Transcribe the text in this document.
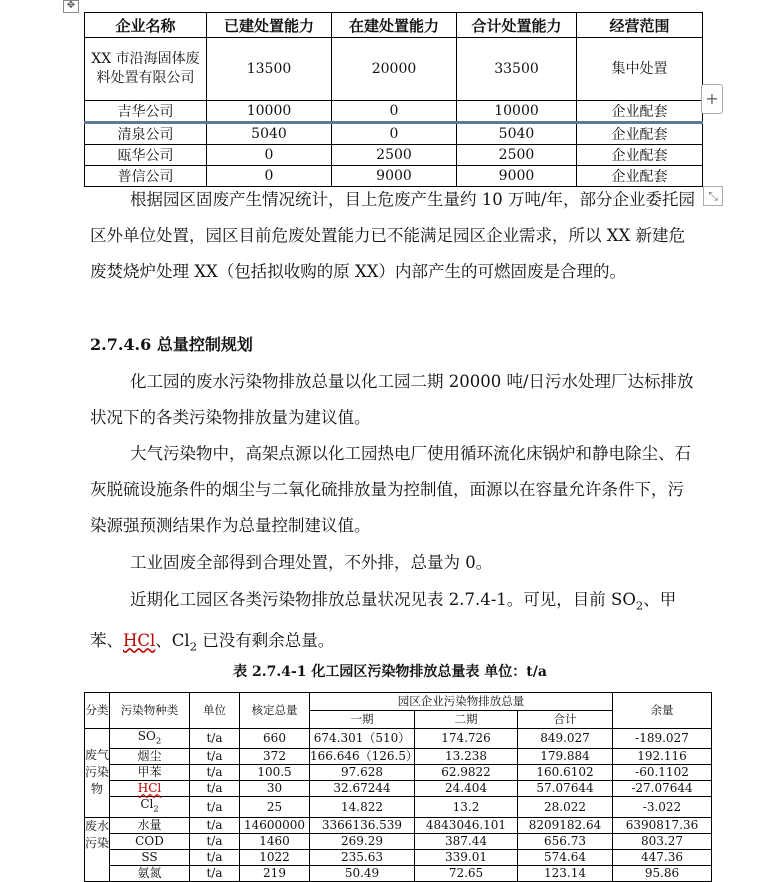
✥
企业名称	已建处置能力	在建处置能力	合计处置能力	经营范围
XX 市沿海固体废料处置有限公司	13500	20000	33500	集中处置
吉华公司	10000	0	10000	企业配套
清泉公司	5040	0	5040	企业配套
瓯华公司	0	2500	2500	企业配套
普信公司	0	9000	9000	企业配套
+
⤡

根据园区固废产生情况统计，目上危废产生量约 10 万吨/年，部分企业委托园区外单位处置，园区目前危废处置能力已不能满足园区企业需求，所以 XX 新建危废焚烧炉处理 XX（包括拟收购的原 XX）内部产生的可燃固废是合理的。

2.7.4.6 总量控制规划

化工园的废水污染物排放总量以化工园二期 20000 吨/日污水处理厂达标排放状况下的各类污染物排放量为建议值。

大气污染物中，高架点源以化工园热电厂使用循环流化床锅炉和静电除尘、石灰脱硫设施条件的烟尘与二氧化硫排放量为控制值，面源以在容量允许条件下，污染源强预测结果作为总量控制建议值。

工业固废全部得到合理处置，不外排，总量为 0。

近期化工园区各类污染物排放总量状况见表 2.7.4-1。可见，目前 $SO_2$、甲苯、HCl、$Cl_2$ 已没有剩余总量。

表 2.7.4-1 化工园区污染物排放总量表 单位：t/a

分类	污染物种类	单位	核定总量	园区企业污染物排放总量			余量
				一期	二期	合计	
废气污染物	$SO_2$	t/a	660	674.301（510）	174.726	849.027	-189.027
	烟尘	t/a	372	166.646（126.5）	13.238	179.884	192.116
	甲苯	t/a	100.5	97.628	62.9822	160.6102	-60.1102
	HCl	t/a	30	32.67244	24.404	57.07644	-27.07644
	$Cl_2$	t/a	25	14.822	13.2	28.022	-3.022
废水污染	水量	t/a	14600000	3366136.539	4843046.101	8209182.64	6390817.36
	COD	t/a	1460	269.29	387.44	656.73	803.27
	SS	t/a	1022	235.63	339.01	574.64	447.36
	氨氮	t/a	219	50.49	72.65	123.14	95.86
